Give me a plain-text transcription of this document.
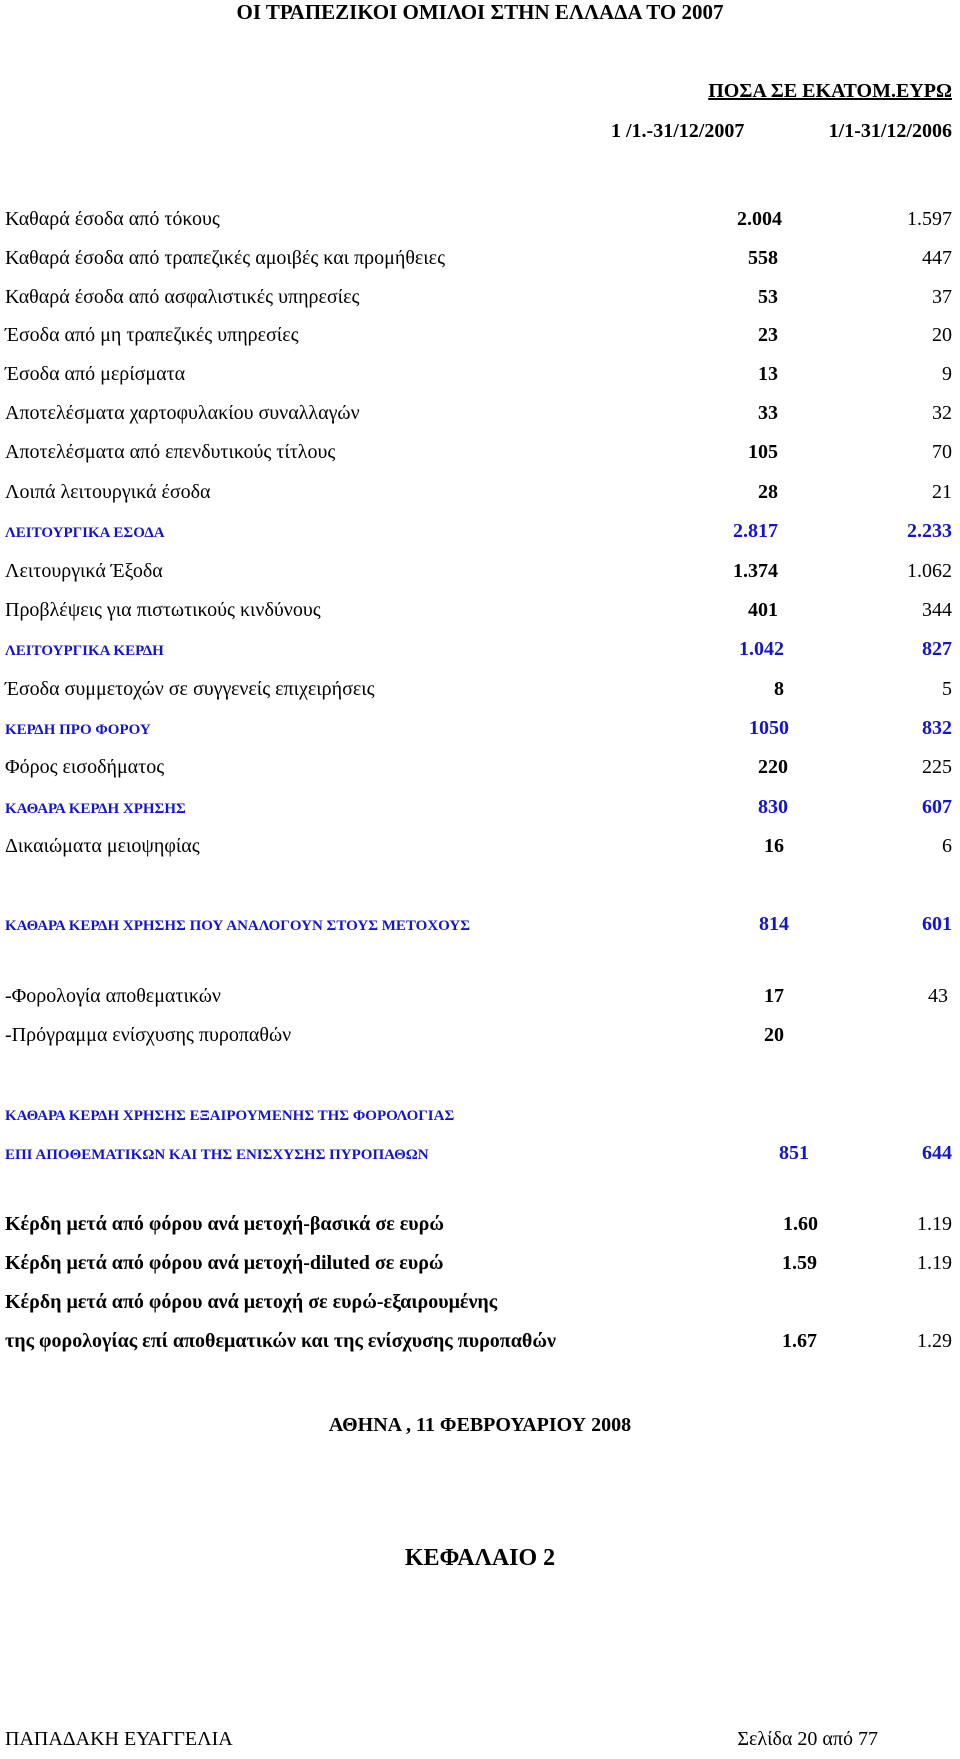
ΟΙ ΤΡΑΠΕΖΙΚΟΙ ΟΜΙΛΟΙ ΣΤΗΝ ΕΛΛΑΔΑ ΤΟ 2007
ΠΟΣΑ ΣΕ ΕΚΑΤΟΜ.ΕΥΡΩ
1 /1.-31/12/2007	1/1-31/12/2006
Καθαρά έσοδα από τόκους	2.004	1.597
Καθαρά έσοδα από τραπεζικές αμοιβές και προμήθειες	558	447
Καθαρά έσοδα από ασφαλιστικές υπηρεσίες	53	37
Έσοδα από μη τραπεζικές υπηρεσίες	23	20
Έσοδα από μερίσματα	13	9
Αποτελέσματα χαρτοφυλακίου συναλλαγών	33	32
Αποτελέσματα από επενδυτικούς τίτλους	105	70
Λοιπά λειτουργικά έσοδα	28	21
ΛΕΙΤΟΥΡΓΙΚΑ ΕΣΟΔΑ	2.817	2.233
Λειτουργικά Έξοδα	1.374	1.062
Προβλέψεις για πιστωτικούς κινδύνους	401	344
ΛΕΙΤΟΥΡΓΙΚΑ ΚΕΡΔΗ	1.042	827
Έσοδα συμμετοχών σε συγγενείς επιχειρήσεις	8	5
ΚΕΡΔΗ ΠΡΟ ΦΟΡΟΥ	1050	832
Φόρος εισοδήματος	220	225
ΚΑΘΑΡΑ ΚΕΡΔΗ ΧΡΗΣΗΣ	830	607
Δικαιώματα μειοψηφίας	16	6
ΚΑΘΑΡΑ ΚΕΡΔΗ ΧΡΗΣΗΣ ΠΟΥ ΑΝΑΛΟΓΟΥΝ ΣΤΟΥΣ ΜΕΤΟΧΟΥΣ	814	601
-Φορολογία αποθεματικών	17	43
-Πρόγραμμα ενίσχυσης πυροπαθών	20
ΚΑΘΑΡΑ ΚΕΡΔΗ ΧΡΗΣΗΣ ΕΞΑΙΡΟΥΜΕΝΗΣ ΤΗΣ ΦΟΡΟΛΟΓΙΑΣ
ΕΠΙ ΑΠΟΘΕΜΑΤΙΚΩΝ ΚΑΙ ΤΗΣ ΕΝΙΣΧΥΣΗΣ ΠΥΡΟΠΑΘΩΝ	851	644
Κέρδη μετά από φόρου ανά μετοχή-βασικά σε ευρώ	1.60	1.19
Κέρδη μετά από φόρου ανά μετοχή-diluted σε ευρώ	1.59	1.19
Κέρδη μετά από φόρου ανά μετοχή σε ευρώ-εξαιρουμένης
της φορολογίας επί αποθεματικών και της ενίσχυσης πυροπαθών	1.67	1.29
ΑΘΗΝΑ , 11 ΦΕΒΡΟΥΑΡΙΟΥ 2008
ΚΕΦΑΛΑΙΟ 2
ΠΑΠΑΔΑΚΗ ΕΥΑΓΓΕΛΙΑ	Σελίδα 20 από 77
